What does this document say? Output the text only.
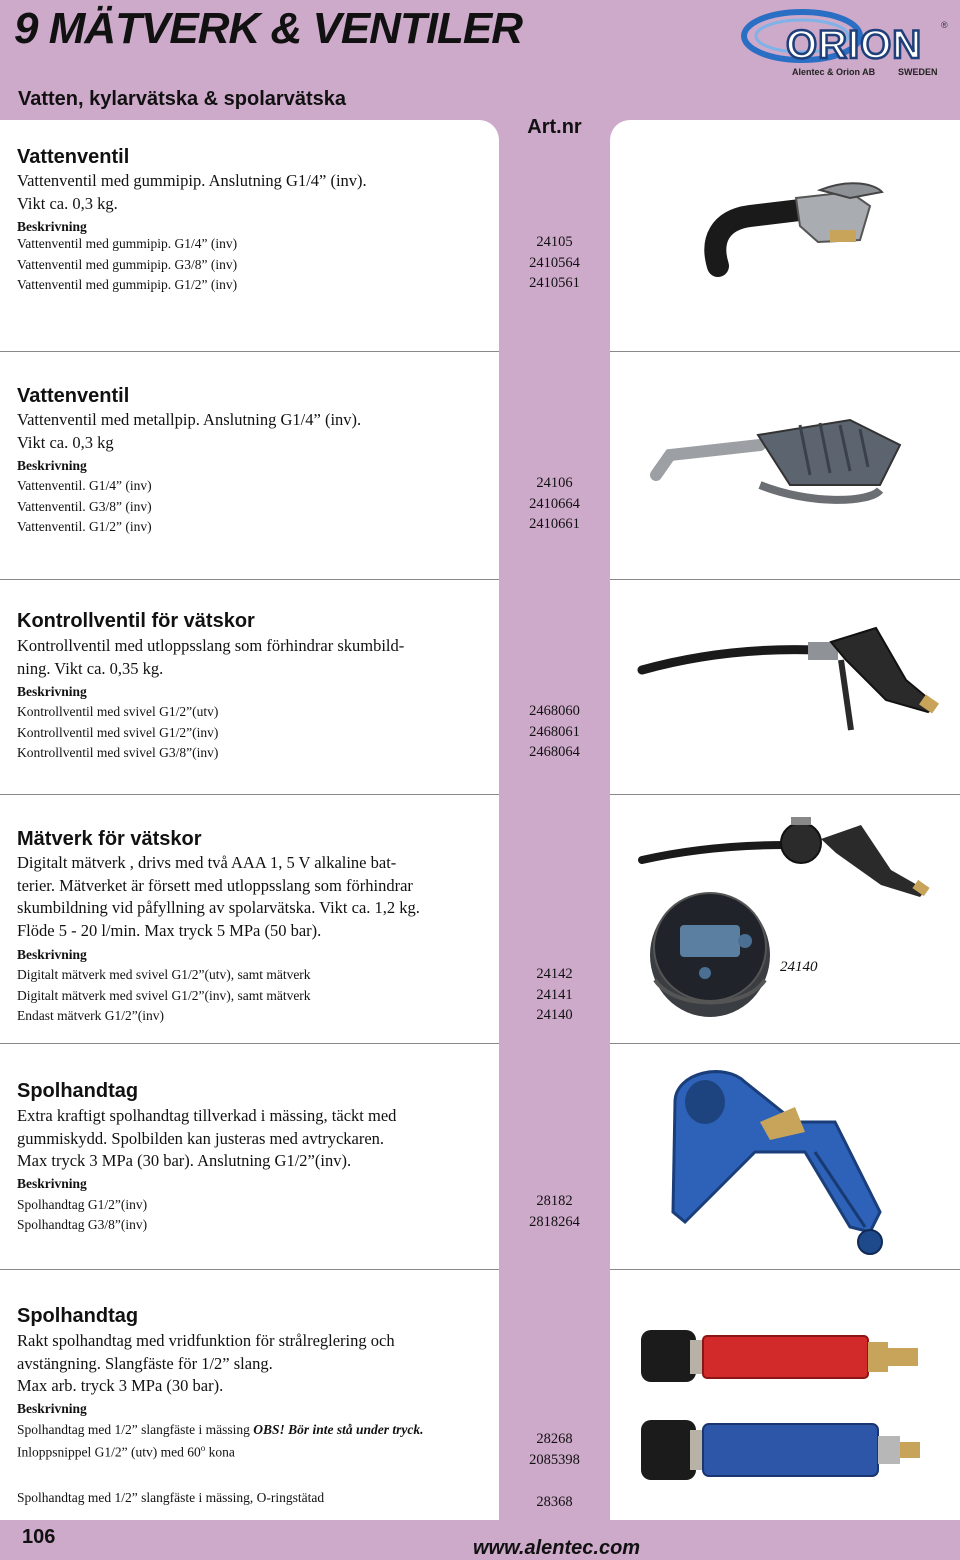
9 MÄTVERK & VENTILER
Vatten, kylarvätska & spolarvätska
ORION ®
Alentec & Orion AB	SWEDEN
Art.nr
Vattenventil
Vattenventil med gummipip. Anslutning G1/4” (inv).
Vikt ca. 0,3 kg.
Beskrivning
Vattenventil med gummipip. G1/4” (inv)
Vattenventil med gummipip. G3/8” (inv)
Vattenventil med gummipip. G1/2” (inv)
24105
2410564
2410561
Vattenventil
Vattenventil med metallpip. Anslutning G1/4” (inv).
Vikt ca. 0,3 kg
Beskrivning
Vattenventil. G1/4” (inv)
Vattenventil. G3/8” (inv)
Vattenventil. G1/2” (inv)
24106
2410664
2410661
Kontrollventil för vätskor
Kontrollventil med utloppsslang som förhindrar skumbild-
ning. Vikt ca. 0,35 kg.
Beskrivning
Kontrollventil med svivel G1/2”(utv)
Kontrollventil med svivel G1/2”(inv)
Kontrollventil med svivel G3/8”(inv)
2468060
2468061
2468064
Mätverk för vätskor
Digitalt mätverk , drivs med två AAA 1, 5 V alkaline bat-
terier. Mätverket är försett med utloppsslang som förhindrar
skumbildning vid påfyllning av spolarvätska. Vikt ca. 1,2 kg.
Flöde 5 - 20 l/min. Max tryck 5 MPa (50 bar).
Beskrivning
Digitalt mätverk med svivel G1/2”(utv), samt mätverk
Digitalt mätverk med svivel G1/2”(inv), samt mätverk
Endast mätverk G1/2”(inv)
24142
24141
24140
24140
Spolhandtag
Extra kraftigt spolhandtag tillverkad i mässing, täckt med
gummiskydd. Spolbilden kan justeras med avtryckaren.
Max tryck 3 MPa (30 bar). Anslutning G1/2”(inv).
Beskrivning
Spolhandtag G1/2”(inv)
Spolhandtag G3/8”(inv)
28182
2818264
Spolhandtag
Rakt spolhandtag med vridfunktion för strålreglering och
avstängning. Slangfäste för 1/2” slang.
Max arb. tryck 3 MPa (30 bar).
Beskrivning
Spolhandtag med 1/2” slangfäste i mässing OBS! Bör inte stå under tryck.
Inloppsnippel G1/2” (utv) med 60$^o$ kona
Spolhandtag med 1/2” slangfäste i mässing, O-ringstätad
28268
2085398
28368
106	www.alentec.com
